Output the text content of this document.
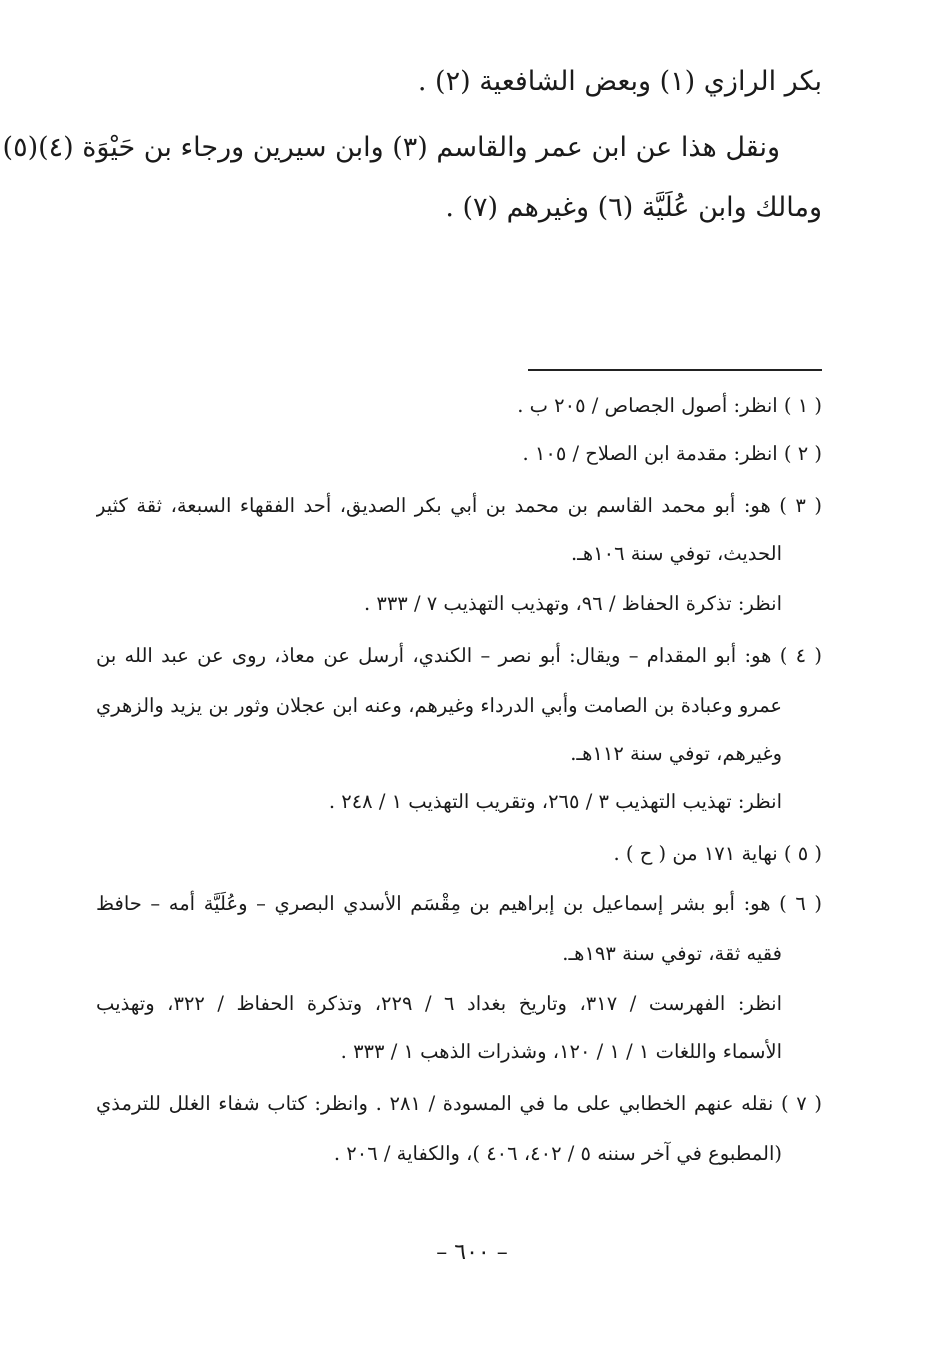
بكر الرازي (١) وبعض الشافعية (٢) .
ونقل هذا عن ابن عمر والقاسم (٣) وابن سيرين ورجاء بن حَيْوَة (٤)(٥)
ومالك وابن عُلَيَّة (٦) وغيرهم (٧) .
( ١ ) انظر: أصول الجصاص / ٢٠٥ ب .
( ٢ ) انظر: مقدمة ابن الصلاح / ١٠٥ .
( ٣ ) هو: أبو محمد القاسم بن محمد بن أبي بكر الصديق، أحد الفقهاء السبعة، ثقة كثير
الحديث، توفي سنة ١٠٦هـ.
انظر: تذكرة الحفاظ / ٩٦، وتهذيب التهذيب ٧ / ٣٣٣ .
( ٤ ) هو: أبو المقدام – ويقال: أبو نصر – الكندي، أرسل عن معاذ، روى عن عبد الله بن
عمرو وعبادة بن الصامت وأبي الدرداء وغيرهم، وعنه ابن عجلان وثور بن يزيد والزهري
وغيرهم، توفي سنة ١١٢هـ.
انظر: تهذيب التهذيب ٣ / ٢٦٥، وتقريب التهذيب ١ / ٢٤٨ .
( ٥ ) نهاية ١٧١ من ( ح ) .
( ٦ ) هو: أبو بشر إسماعيل بن إبراهيم بن مِقْسَم الأسدي البصري – وعُلَيَّة أمه – حافظ
فقيه ثقة، توفي سنة ١٩٣هـ.
انظر: الفهرست / ٣١٧، وتاريخ بغداد ٦ / ٢٢٩، وتذكرة الحفاظ / ٣٢٢، وتهذيب
الأسماء واللغات ١ / ١ / ١٢٠، وشذرات الذهب ١ / ٣٣٣ .
( ٧ ) نقله عنهم الخطابي على ما في المسودة / ٢٨١ . وانظر: كتاب شفاء الغلل للترمذي
(المطبوع في آخر سننه ٥ / ٤٠٢، ٤٠٦ )، والكفاية / ٢٠٦ .
– ٦٠٠ –
